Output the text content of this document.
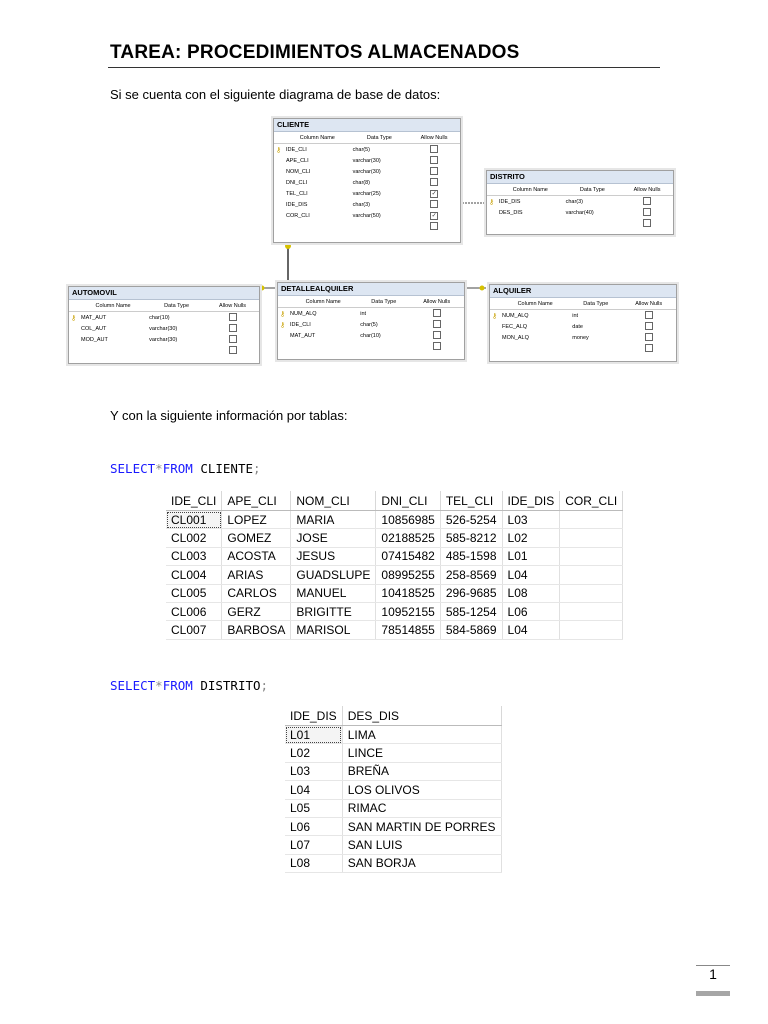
TAREA: PROCEDIMIENTOS ALMACENADOS
Si se cuenta con el siguiente diagrama de base de datos:
CLIENTE
	Column Name	Data Type	Allow Nulls
⚷	IDE_CLI	char(5)	
	APE_CLI	varchar(30)	
	NOM_CLI	varchar(30)	
	DNI_CLI	char(8)	
	TEL_CLI	varchar(25)	✓
	IDE_DIS	char(3)	
	COR_CLI	varchar(50)	✓

DISTRITO
	Column Name	Data Type	Allow Nulls
⚷	IDE_DIS	char(3)	
	DES_DIS	varchar(40)	

AUTOMOVIL
	Column Name	Data Type	Allow Nulls
⚷	MAT_AUT	char(10)	
	COL_AUT	varchar(30)	
	MOD_AUT	varchar(30)	

DETALLEALQUILER
	Column Name	Data Type	Allow Nulls
⚷	NUM_ALQ	int	
⚷	IDE_CLI	char(5)	
	MAT_AUT	char(10)	

ALQUILER
	Column Name	Data Type	Allow Nulls
⚷	NUM_ALQ	int	
	FEC_ALQ	date	
	MON_ALQ	money	

Y con la siguiente información por tablas:
SELECT*FROM CLIENTE;
IDE_CLI	APE_CLI	NOM_CLI	DNI_CLI	TEL_CLI	IDE_DIS	COR_CLI
CL001	LOPEZ	MARIA	10856985	526-5254	L03	
CL002	GOMEZ	JOSE	02188525	585-8212	L02	
CL003	ACOSTA	JESUS	07415482	485-1598	L01	
CL004	ARIAS	GUADSLUPE	08995255	258-8569	L04	
CL005	CARLOS	MANUEL	10418525	296-9685	L08	
CL006	GERZ	BRIGITTE	10952155	585-1254	L06	
CL007	BARBOSA	MARISOL	78514855	584-5869	L04	
SELECT*FROM DISTRITO;
IDE_DIS	DES_DIS
L01	LIMA
L02	LINCE
L03	BREÑA
L04	LOS OLIVOS
L05	RIMAC
L06	SAN MARTIN DE PORRES
L07	SAN LUIS
L08	SAN BORJA
1
